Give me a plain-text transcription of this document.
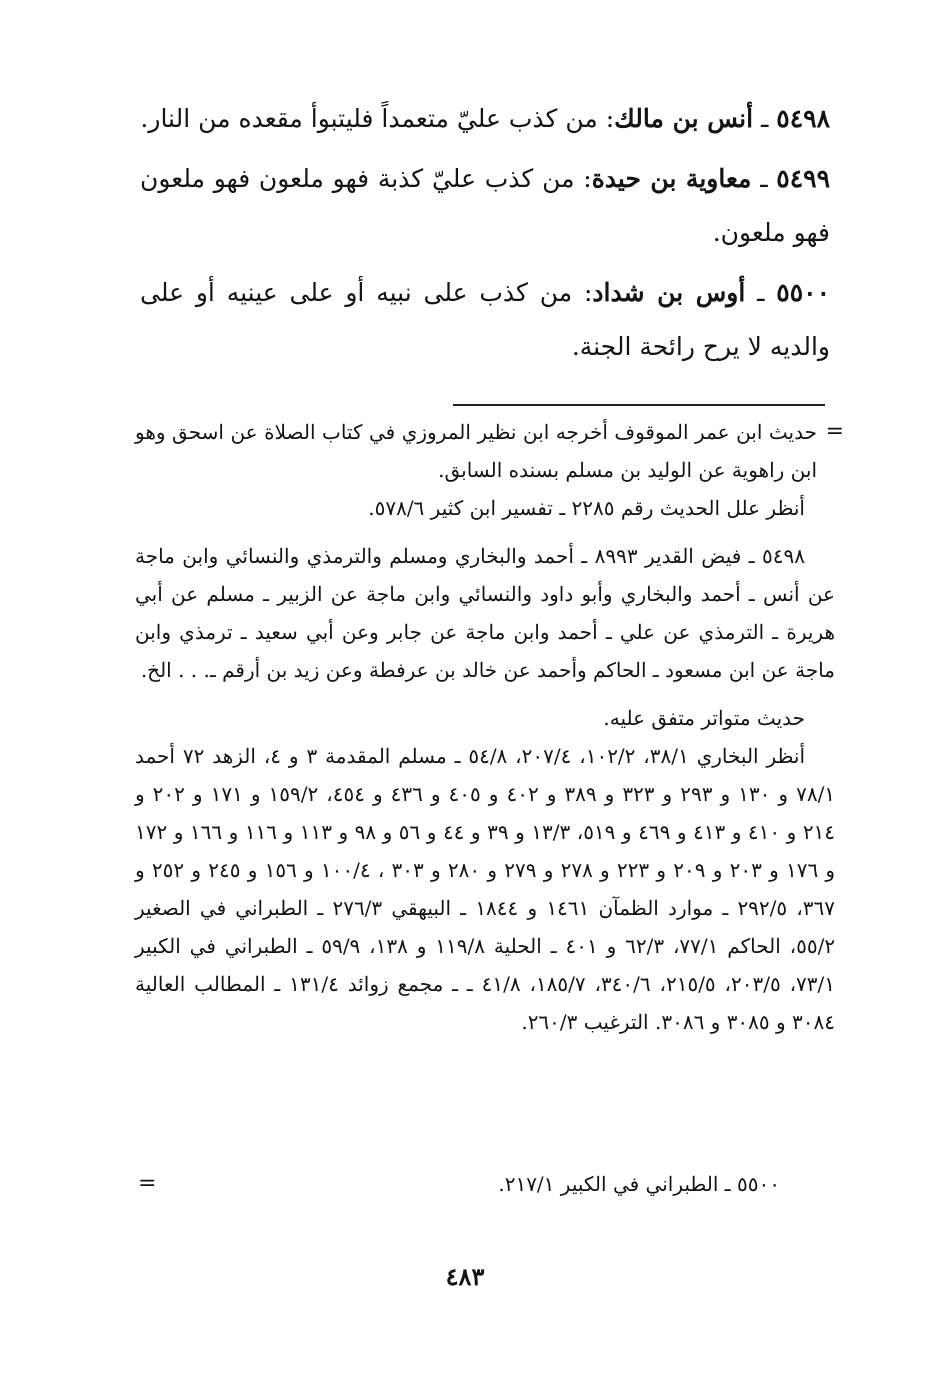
٥٤٩٨ ـ أنس بن مالك: من كذب عليّ متعمداً فليتبوأ مقعده من النار.

٥٤٩٩ ـ معاوية بن حيدة: من كذب عليّ كذبة فهو ملعون فهو ملعون فهو ملعون.

٥٥٠٠ ـ أوس بن شداد: من كذب على نبيه أو على عينيه أو على والديه لا يرح رائحة الجنة.

=

حديث ابن عمر الموقوف أخرجه ابن نظير المروزي في كتاب الصلاة عن اسحق وهو ابن راهوية عن الوليد بن مسلم بسنده السابق.

أنظر علل الحديث رقم ٢٢٨٥ ـ تفسير ابن كثير ٥٧٨/٦.

٥٤٩٨ ـ فيض القدير ٨٩٩٣ ـ أحمد والبخاري ومسلم والترمذي والنسائي وابن ماجة عن أنس ـ أحمد والبخاري وأبو داود والنسائي وابن ماجة عن الزبير ـ مسلم عن أبي هريرة ـ الترمذي عن علي ـ أحمد وابن ماجة عن جابر وعن أبي سعيد ـ ترمذي وابن ماجة عن ابن مسعود ـ الحاكم وأحمد عن خالد بن عرفطة وعن زيد بن أرقم ـ. . . الخ.

حديث متواتر متفق عليه.

أنظر البخاري ٣٨/١، ١٠٢/٢، ٢٠٧/٤، ٥٤/٨ ـ مسلم المقدمة ٣ و ٤، الزهد ٧٢ أحمد ٧٨/١ و ١٣٠ و ٢٩٣ و ٣٢٣ و ٣٨٩ و ٤٠٢ و ٤٠٥ و ٤٣٦ و ٤٥٤، ١٥٩/٢ و ١٧١ و ٢٠٢ و ٢١٤ و ٤١٠ و ٤١٣ و ٤٦٩ و ٥١٩، ١٣/٣ و ٣٩ و ٤٤ و ٥٦ و ٩٨ و ١١٣ و ١١٦ و ١٦٦ و ١٧٢ و ١٧٦ و ٢٠٣ و ٢٠٩ و ٢٢٣ و ٢٧٨ و ٢٧٩ و ٢٨٠ و ٣٠٣ ، ١٠٠/٤ و ١٥٦ و ٢٤٥ و ٢٥٢ و ٣٦٧، ٢٩٢/٥ ـ موارد الظمآن ١٤٦١ و ١٨٤٤ ـ البيهقي ٢٧٦/٣ ـ الطبراني في الصغير ٥٥/٢، الحاكم ٧٧/١، ٦٢/٣ و ٤٠١ ـ الحلية ١١٩/٨ و ١٣٨، ٥٩/٩ ـ الطبراني في الكبير ٧٣/١، ٢٠٣/٥، ٢١٥/٥، ٣٤٠/٦، ١٨٥/٧، ٤١/٨ ـ ـ مجمع زوائد ١٣١/٤ ـ المطالب العالية ٣٠٨٤ و ٣٠٨٥ و ٣٠٨٦. الترغيب ٢٦٠/٣.

٥٥٠٠ ـ الطبراني في الكبير ٢١٧/١.
=
٤٨٣
